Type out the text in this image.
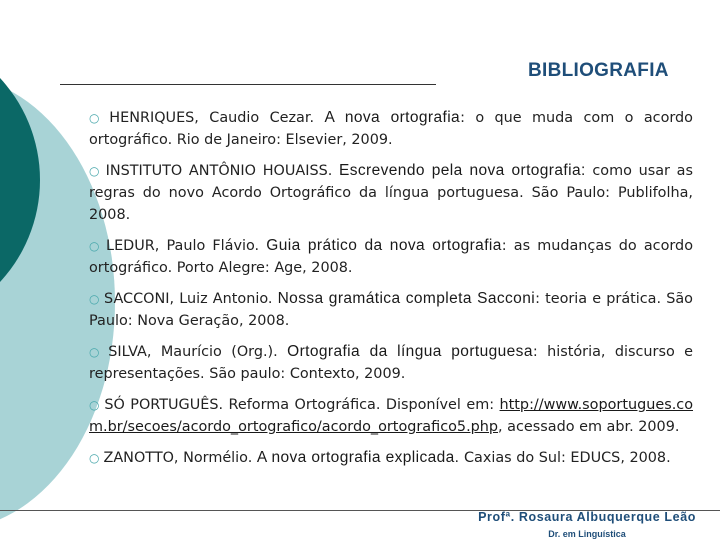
BIBLIOGRAFIA
○ HENRIQUES, Caudio Cezar. A nova ortografia: o que muda com o acordo ortográfico. Rio de Janeiro: Elsevier, 2009.
○ INSTITUTO ANTÔNIO HOUAISS. Escrevendo pela nova ortografia: como usar as regras do novo Acordo Ortográfico da língua portuguesa. São Paulo: Publifolha, 2008.
○ LEDUR, Paulo Flávio. Guia prático da nova ortografia: as mudanças do acordo ortográfico. Porto Alegre: Age, 2008.
○ SACCONI, Luiz Antonio. Nossa gramática completa Sacconi: teoria e prática. São Paulo: Nova Geração, 2008.
○ SILVA, Maurício (Org.). Ortografia da língua portuguesa: história, discurso e representações. São paulo: Contexto, 2009.
○ SÓ PORTUGUÊS. Reforma Ortográfica. Disponível em: http://www.soportugues.com.br/secoes/acordo_ortografico/acordo_ortografico5.php, acessado em abr. 2009.
○ ZANOTTO, Normélio. A nova ortografia explicada. Caxias do Sul: EDUCS, 2008.

Profª. Rosaura Albuquerque Leão

Dr. em Linguística
